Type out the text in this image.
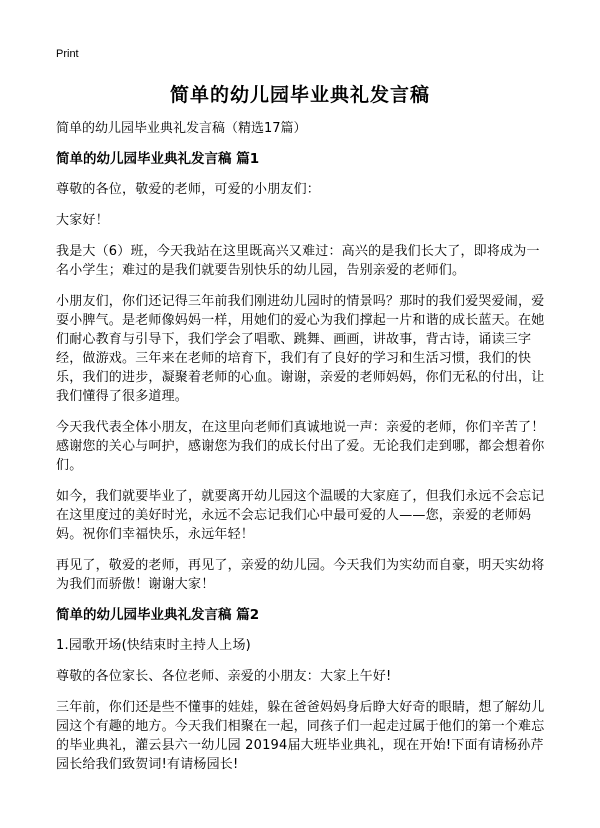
Print
简单的幼儿园毕业典礼发言稿
简单的幼儿园毕业典礼发言稿（精选17篇）
简单的幼儿园毕业典礼发言稿 篇1

尊敬的各位，敬爱的老师，可爱的小朋友们：

大家好！

我是大（6）班，今天我站在这里既高兴又难过：高兴的是我们长大了，即将成为一名小学生；难过的是我们就要告别快乐的幼儿园，告别亲爱的老师们。

小朋友们，你们还记得三年前我们刚进幼儿园时的情景吗？那时的我们爱哭爱闹，爱耍小脾气。是老师像妈妈一样，用她们的爱心为我们撑起一片和谐的成长蓝天。在她们耐心教育与引导下，我们学会了唱歌、跳舞、画画，讲故事，背古诗，诵读三字经，做游戏。三年来在老师的培育下，我们有了良好的学习和生活习惯，我们的快乐，我们的进步，凝聚着老师的心血。谢谢，亲爱的老师妈妈，你们无私的付出，让我们懂得了很多道理。

今天我代表全体小朋友，在这里向老师们真诚地说一声：亲爱的老师，你们辛苦了！感谢您的关心与呵护，感谢您为我们的成长付出了爱。无论我们走到哪，都会想着你们。

如今，我们就要毕业了，就要离开幼儿园这个温暖的大家庭了，但我们永远不会忘记在这里度过的美好时光，永远不会忘记我们心中最可爱的人——您，亲爱的老师妈妈。祝你们幸福快乐，永远年轻！

再见了，敬爱的老师，再见了，亲爱的幼儿园。今天我们为实幼而自豪，明天实幼将为我们而骄傲！谢谢大家！

简单的幼儿园毕业典礼发言稿 篇2

1.园歌开场(快结束时主持人上场)

尊敬的各位家长、各位老师、亲爱的小朋友：大家上午好!

三年前，你们还是些不懂事的娃娃，躲在爸爸妈妈身后睁大好奇的眼睛，想了解幼儿园这个有趣的地方。今天我们相聚在一起，同孩子们一起走过属于他们的第一个难忘的毕业典礼，灌云县六一幼儿园 20194届大班毕业典礼，现在开始!下面有请杨孙芹园长给我们致贺词!有请杨园长!
